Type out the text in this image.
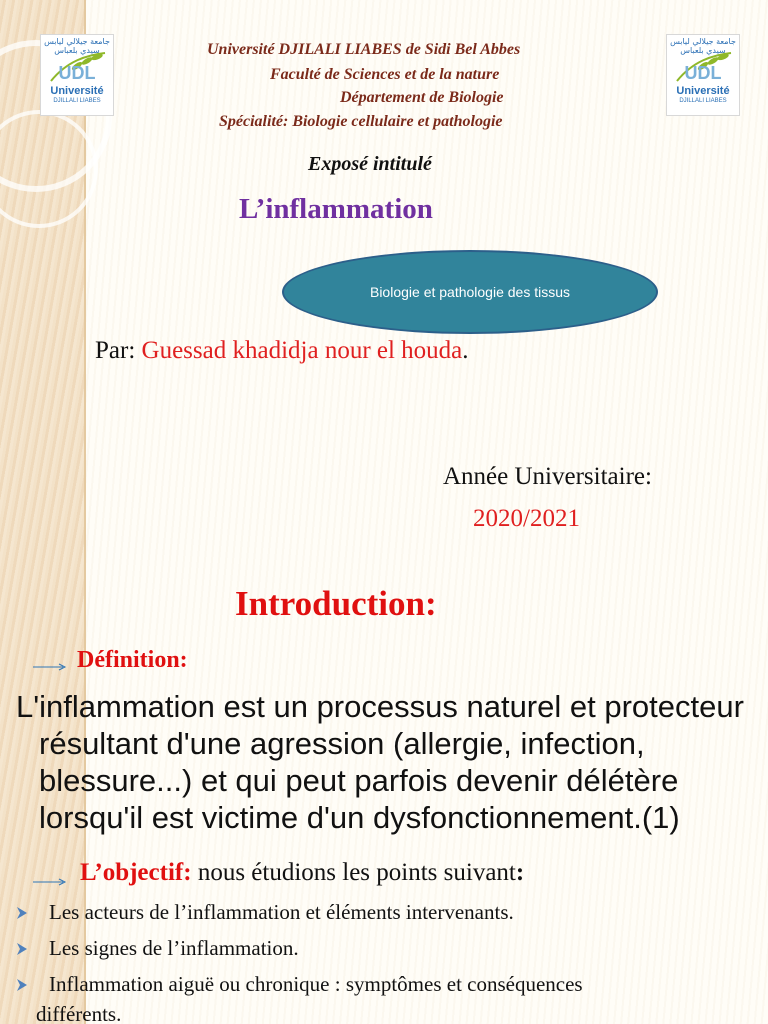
جامعة جيلالي ليابس سيدي بلعباس
UDL
Université
DJILLALI LIABES
جامعة جيلالي ليابس سيدي بلعباس
UDL
Université
DJILLALI LIABES
Université DJILALI LIABES de Sidi Bel Abbes
Faculté de Sciences et de la nature
Département de Biologie
Spécialité: Biologie cellulaire et pathologie
Exposé intitulé
L’inflammation
Biologie et pathologie des tissus
Par: Guessad khadidja nour el houda.
Année Universitaire:
2020/2021
Introduction:
Définition:
L'inflammation est un processus naturel et protecteur
résultant d'une agression (allergie, infection,
blessure...) et qui peut parfois devenir délétère
lorsqu'il est victime d'un dysfonctionnement.(1)
L’objectif: nous étudions les points suivant:
Les acteurs de l’inflammation et éléments intervenants.
Les signes de l’inflammation.
Inflammation aiguë ou chronique : symptômes et conséquences
différents.
